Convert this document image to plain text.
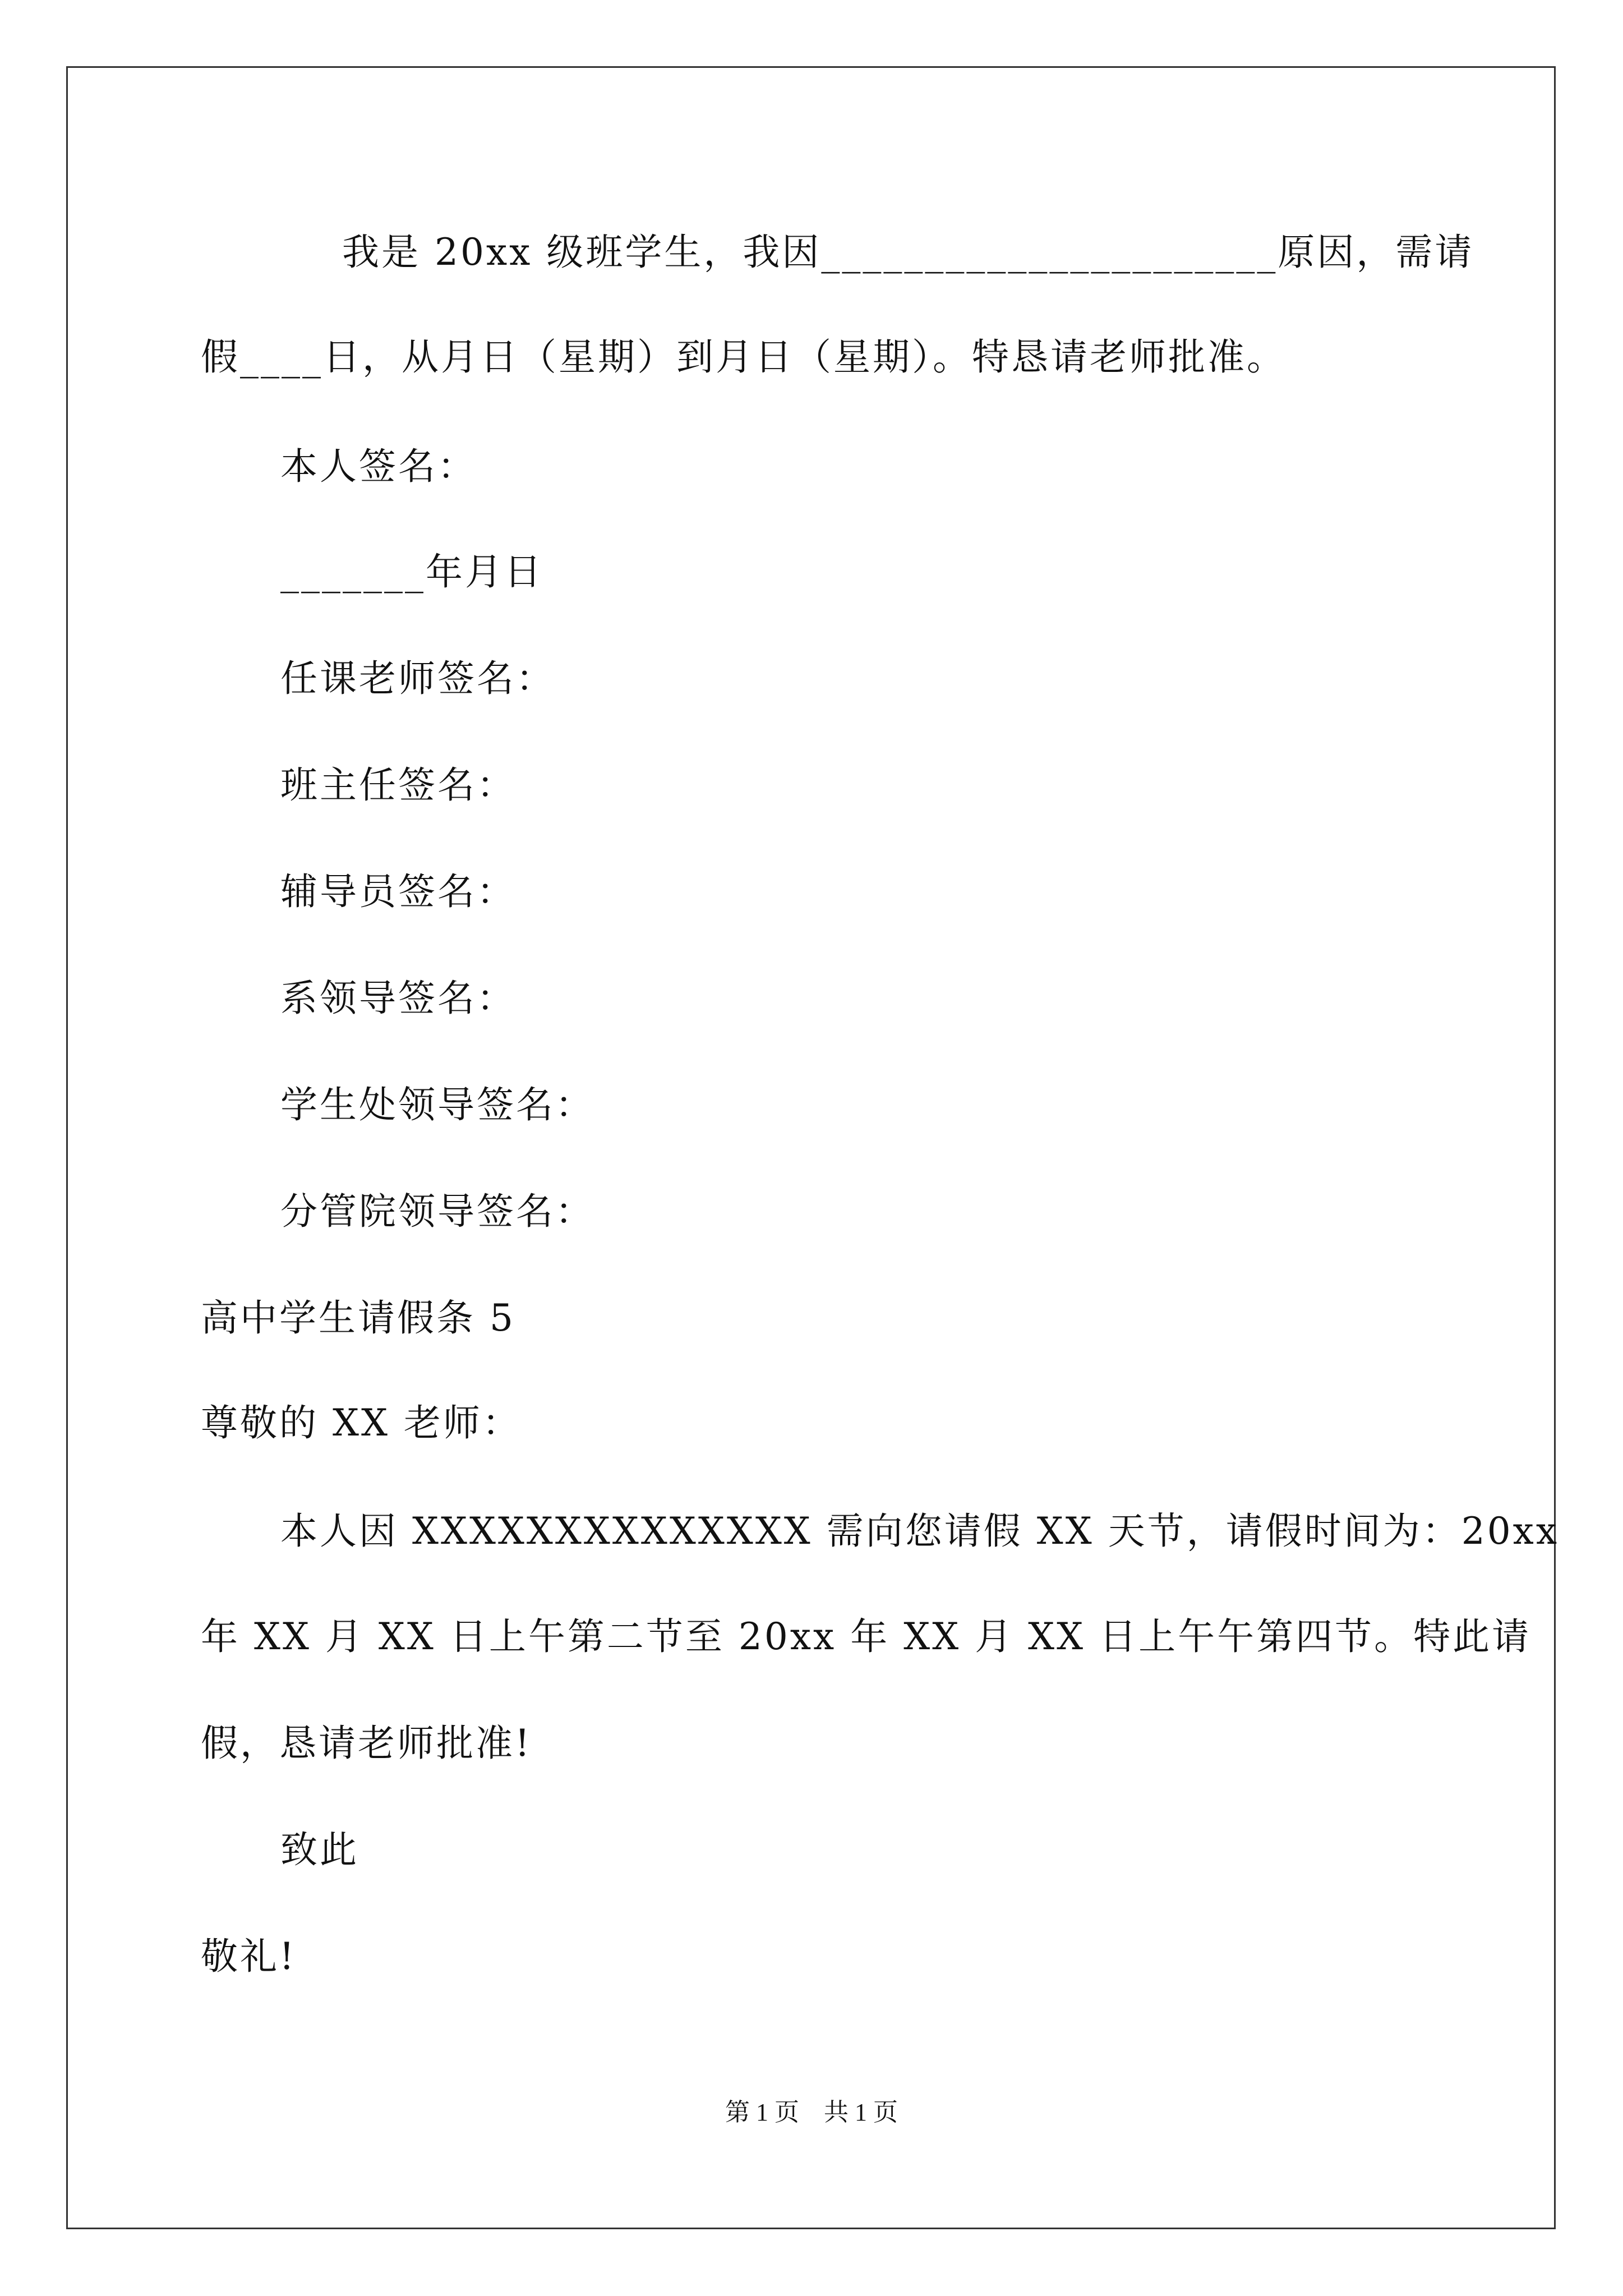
我是 20xx 级班学生，我因______________________原因，需请
假____日，从月日（星期）到月日（星期）。特恳请老师批准。
本人签名：
_______年月日
任课老师签名：
班主任签名：
辅导员签名：
系领导签名：
学生处领导签名：
分管院领导签名：
高中学生请假条 5
尊敬的 XX 老师：
本人因 XXXXXXXXXXXXXX 需向您请假 XX 天节，请假时间为：20xx
年 XX 月 XX 日上午第二节至 20xx 年 XX 月 XX 日上午午第四节。特此请
假，恳请老师批准!
致此
敬礼!
第 1 页　共 1 页
